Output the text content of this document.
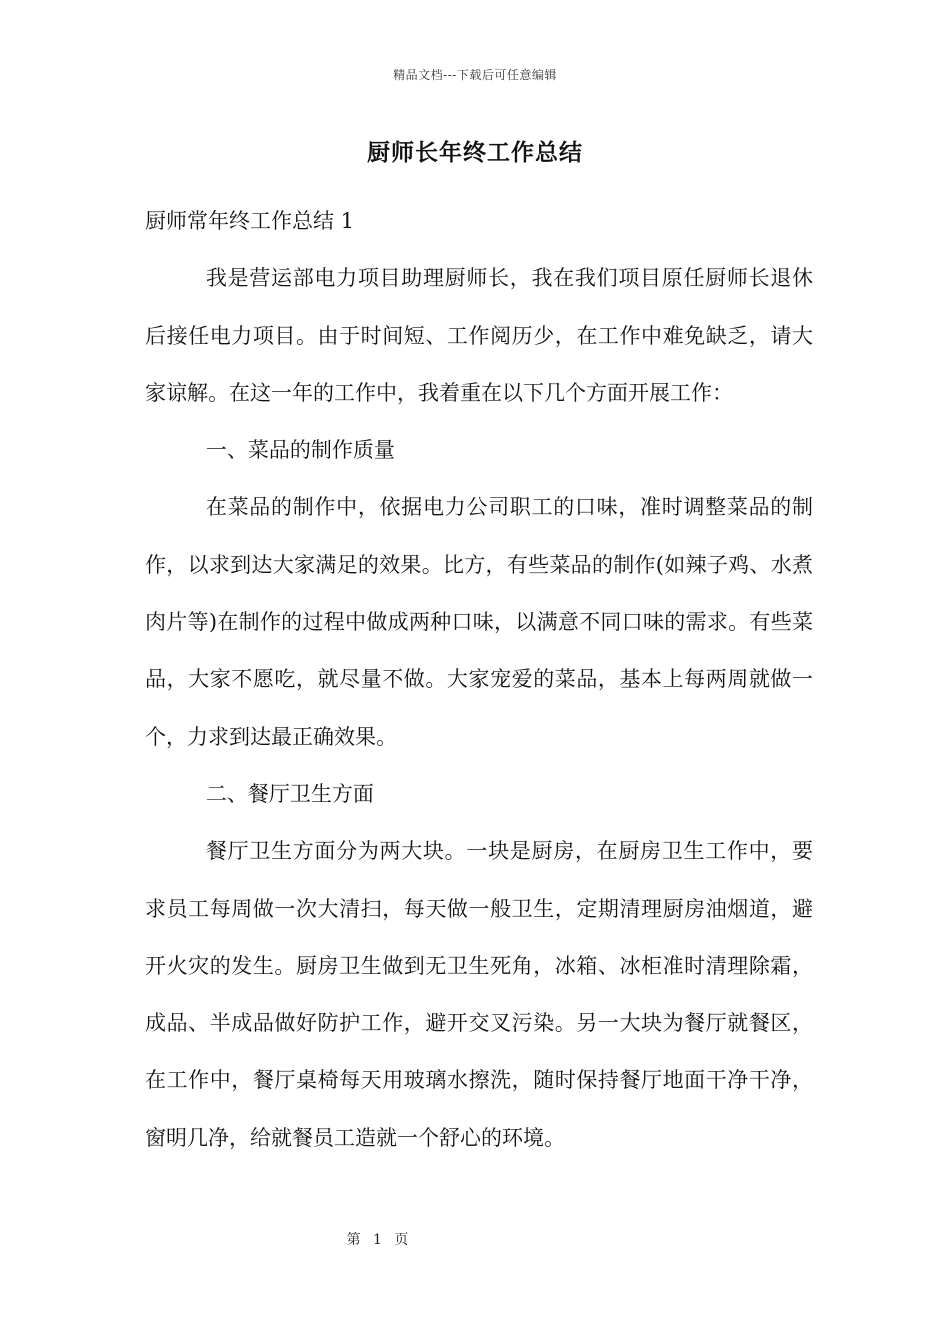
精品文档---下载后可任意编辑
厨师长年终工作总结

厨师常年终工作总结 1

我是营运部电力项目助理厨师长，我在我们项目原任厨师长退休后接任电力项目。由于时间短、工作阅历少，在工作中难免缺乏，请大家谅解。在这一年的工作中，我着重在以下几个方面开展工作：

一、菜品的制作质量

在菜品的制作中，依据电力公司职工的口味，准时调整菜品的制作，以求到达大家满足的效果。比方，有些菜品的制作(如辣子鸡、水煮肉片等)在制作的过程中做成两种口味，以满意不同口味的需求。有些菜品，大家不愿吃，就尽量不做。大家宠爱的菜品，基本上每两周就做一个，力求到达最正确效果。

二、餐厅卫生方面

餐厅卫生方面分为两大块。一块是厨房，在厨房卫生工作中，要求员工每周做一次大清扫，每天做一般卫生，定期清理厨房油烟道，避开火灾的发生。厨房卫生做到无卫生死角，冰箱、冰柜准时清理除霜，成品、半成品做好防护工作，避开交叉污染。另一大块为餐厅就餐区，在工作中，餐厅桌椅每天用玻璃水擦洗，随时保持餐厅地面干净干净，窗明几净，给就餐员工造就一个舒心的环境。

第 1 页
